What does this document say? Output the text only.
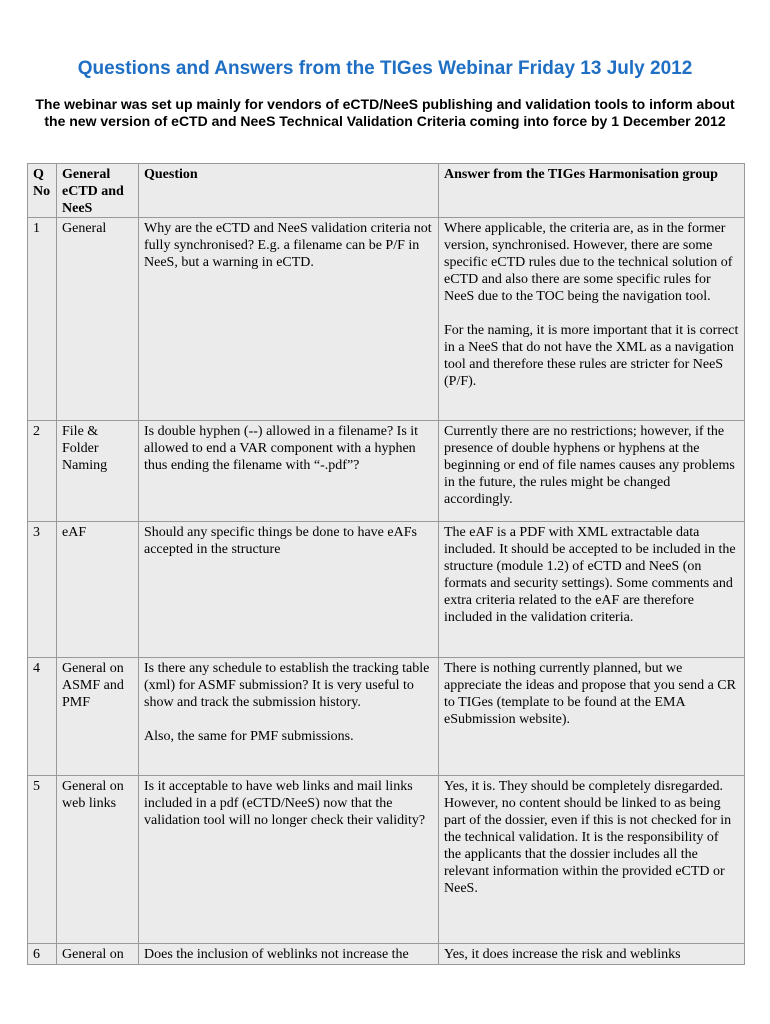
Questions and Answers from the TIGes Webinar Friday 13 July 2012

The webinar was set up mainly for vendors of eCTD/NeeS publishing and validation tools to inform about the new version of eCTD and NeeS Technical Validation Criteria coming into force by 1 December 2012

Q No	General eCTD and NeeS	Question	Answer from the TIGes Harmonisation group
1	General	Why are the eCTD and NeeS validation criteria not fully synchronised? E.g. a filename can be P/F in NeeS, but a warning in eCTD.	Where applicable, the criteria are, as in the former version, synchronised. However, there are some specific eCTD rules due to the technical solution of eCTD and also there are some specific rules for NeeS due to the TOC being the navigation tool.

For the naming, it is more important that it is correct in a NeeS that do not have the XML as a navigation tool and therefore these rules are stricter for NeeS (P/F).

2	File & Folder Naming	Is double hyphen (--) allowed in a filename? Is it allowed to end a VAR component with a hyphen thus ending the filename with “-.pdf”?	Currently there are no restrictions; however, if the presence of double hyphens or hyphens at the beginning or end of file names causes any problems in the future, the rules might be changed accordingly.

3	eAF	Should any specific things be done to have eAFs accepted in the structure	The eAF is a PDF with XML extractable data included. It should be accepted to be included in the structure (module 1.2) of eCTD and NeeS (on formats and security settings). Some comments and extra criteria related to the eAF are therefore included in the validation criteria.

4	General on ASMF and PMF	Is there any schedule to establish the tracking table (xml) for ASMF submission? It is very useful to show and track the submission history.

Also, the same for PMF submissions.	There is nothing currently planned, but we appreciate the ideas and propose that you send a CR to TIGes (template to be found at the EMA eSubmission website).

5	General on web links	Is it acceptable to have web links and mail links included in a pdf (eCTD/NeeS) now that the validation tool will no longer check their validity?	Yes, it is. They should be completely disregarded.
However, no content should be linked to as being part of the dossier, even if this is not checked for in the technical validation. It is the responsibility of the applicants that the dossier includes all the relevant information within the provided eCTD or NeeS.

6	General on	Does the inclusion of weblinks not increase the	Yes, it does increase the risk and weblinks
